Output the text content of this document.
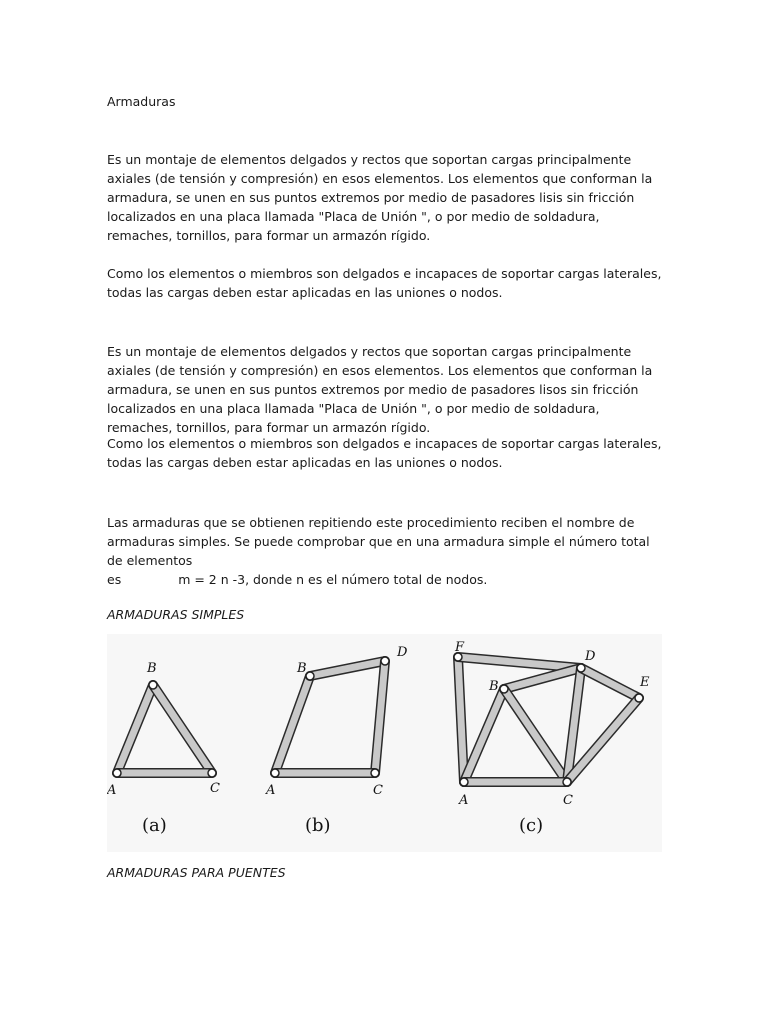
Armaduras

Es un montaje de elementos delgados y rectos que soportan cargas principalmente axiales (de tensión y compresión) en esos elementos. Los elementos que conforman la armadura, se unen en sus puntos extremos por medio de pasadores lisis sin fricción localizados en una placa llamada "Placa de Unión ", o por medio de soldadura, remaches, tornillos, para formar un armazón rígido.

Como los elementos o miembros son delgados e incapaces de soportar cargas laterales, todas las cargas deben estar aplicadas en las uniones o nodos.

Es un montaje de elementos delgados y rectos que soportan cargas principalmente axiales (de tensión y compresión) en esos elementos. Los elementos que conforman la armadura, se unen en sus puntos extremos por medio de pasadores lisos sin fricción localizados en una placa llamada "Placa de Unión ", o por medio de soldadura, remaches, tornillos, para formar un armazón rígido.

Como los elementos o miembros son delgados e incapaces de soportar cargas laterales, todas las cargas deben estar aplicadas en las uniones o nodos.

Las armaduras que se obtienen repitiendo este procedimiento reciben el nombre de armaduras simples. Se puede comprobar que en una armadura simple el número total de elementos
es	m = 2 n -3, donde n es el número total de nodos.

ARMADURAS SIMPLES

A
B
C
(a)
A
B
C
D
(b)
A
B
C
D
E
F
(c)

ARMADURAS PARA PUENTES
